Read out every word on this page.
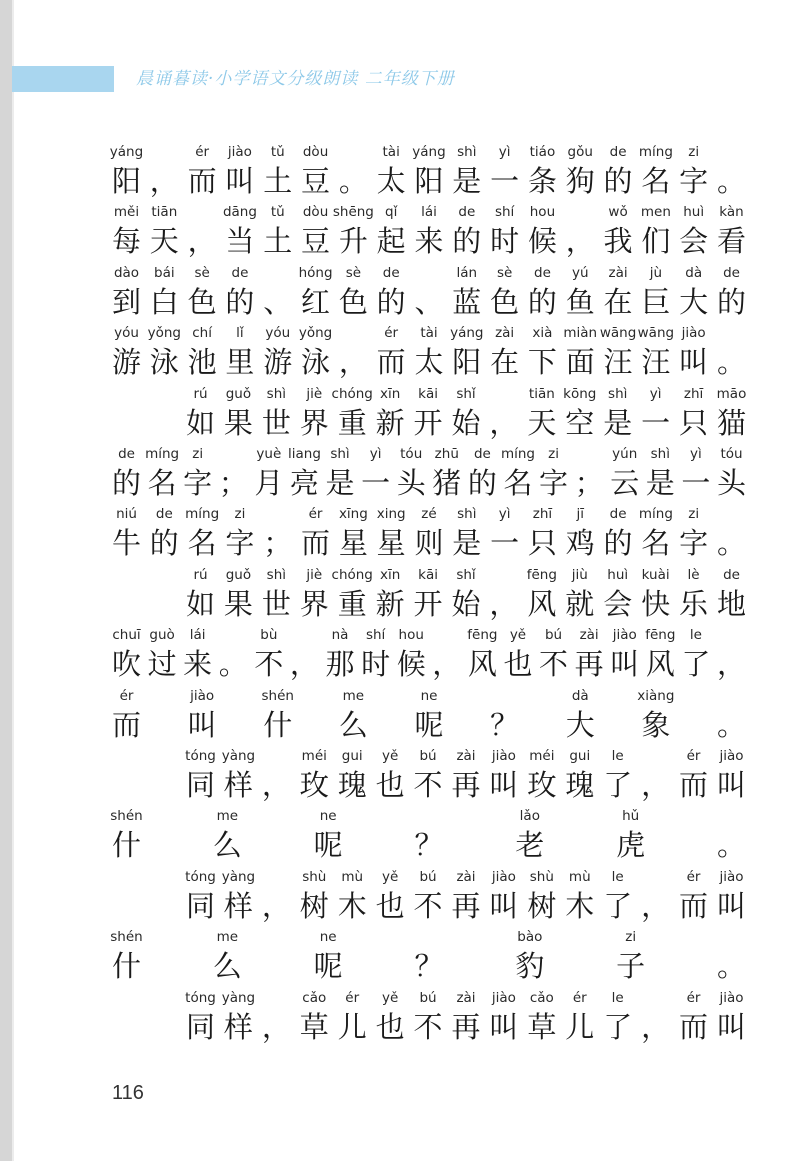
晨诵暮读·小学语文分级朗读 二年级下册
yáng
阳 ，
ér
而
jiào
叫
tǔ
土
dòu
豆 。
tài
太
yáng
阳
shì
是
yì
一
tiáo
条
gǒu
狗
de
的
míng
名
zi
字 。
měi
每
tiān
天 ，
dāng
当
tǔ
土
dòu
豆
shēng
升
qǐ
起
lái
来
de
的
shí
时
hou
候 ，
wǒ
我
men
们
huì
会
kàn
看
dào
到
bái
白
sè
色
de
的 、
hóng
红
sè
色
de
的 、
lán
蓝
sè
色
de
的
yú
鱼
zài
在
jù
巨
dà
大
de
的
yóu
游
yǒng
泳
chí
池
lǐ
里
yóu
游
yǒng
泳 ，
ér
而
tài
太
yáng
阳
zài
在
xià
下
miàn
面
wāng
汪
wāng
汪
jiào
叫 。
rú
如
guǒ
果
shì
世
jiè
界
chóng
重
xīn
新
kāi
开
shǐ
始 ，
tiān
天
kōng
空
shì
是
yì
一
zhī
只
māo
猫
de
的
míng
名
zi
字 ；
yuè
月
liang
亮
shì
是
yì
一
tóu
头
zhū
猪
de
的
míng
名
zi
字 ；
yún
云
shì
是
yì
一
tóu
头
niú
牛
de
的
míng
名
zi
字 ；
ér
而
xīng
星
xing
星
zé
则
shì
是
yì
一
zhī
只
jī
鸡
de
的
míng
名
zi
字 。
rú
如
guǒ
果
shì
世
jiè
界
chóng
重
xīn
新
kāi
开
shǐ
始 ，
fēng
风
jiù
就
huì
会
kuài
快
lè
乐
de
地
chuī
吹
guò
过
lái
来 。
bù
不 ，
nà
那
shí
时
hou
候 ，
fēng
风
yě
也
bú
不
zài
再
jiào
叫
fēng
风
le
了 ，
ér
而
jiào
叫
shén
什
me
么
ne
呢	？
dà
大
xiàng
象	。
tóng
同
yàng
样 ，
méi
玫
gui
瑰
yě
也
bú
不
zài
再
jiào
叫
méi
玫
gui
瑰
le
了 ，
ér
而
jiào
叫
shén
什
me
么
ne
呢	？
lǎo
老
hǔ
虎	。
tóng
同
yàng
样 ，
shù
树
mù
木
yě
也
bú
不
zài
再
jiào
叫
shù
树
mù
木
le
了 ，
ér
而
jiào
叫
shén
什
me
么
ne
呢	？
bào
豹
zi
子	。
tóng
同
yàng
样 ，
cǎo
草
ér
儿
yě
也
bú
不
zài
再
jiào
叫
cǎo
草
ér
儿
le
了 ，
ér
而
jiào
叫
116
